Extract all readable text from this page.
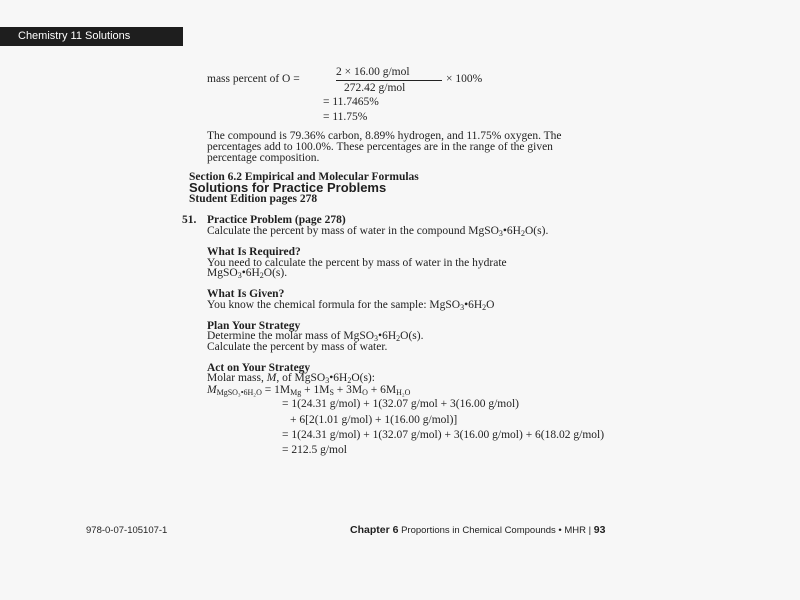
Chemistry 11 Solutions
mass percent of O =
2 × 16.00 g/mol
272.42 g/mol
× 100%
= 11.7465%
= 11.75%
The compound is 79.36% carbon, 8.89% hydrogen, and 11.75% oxygen. The
percentages add to 100.0%. These percentages are in the range of the given
percentage composition.
Section 6.2 Empirical and Molecular Formulas
Solutions for Practice Problems
Student Edition pages 278
51. Practice Problem (page 278)
Calculate the percent by mass of water in the compound $MgSO_3•6H_2O(s)$.
What Is Required?
You need to calculate the percent by mass of water in the hydrate
$MgSO_3•6H_2O(s)$.
What Is Given?
You know the chemical formula for the sample: $MgSO_3•6H_2O$
Plan Your Strategy
Determine the molar mass of $MgSO_3•6H_2O(s)$.
Calculate the percent by mass of water.
Act on Your Strategy
Molar mass, M, of $MgSO_3•6H_2O(s)$:
$M_{MgSO_3•6H_2O} = 1M_{Mg} + 1M_S + 3M_O + 6M_{H_2O}$
= 1(24.31 g/mol) + 1(32.07 g/mol + 3(16.00 g/mol)
+ 6[2(1.01 g/mol) + 1(16.00 g/mol)]
= 1(24.31 g/mol) + 1(32.07 g/mol) + 3(16.00 g/mol) + 6(18.02 g/mol)
= 212.5 g/mol
978-0-07-105107-1	Chapter 6 Proportions in Chemical Compounds • MHR | 93
